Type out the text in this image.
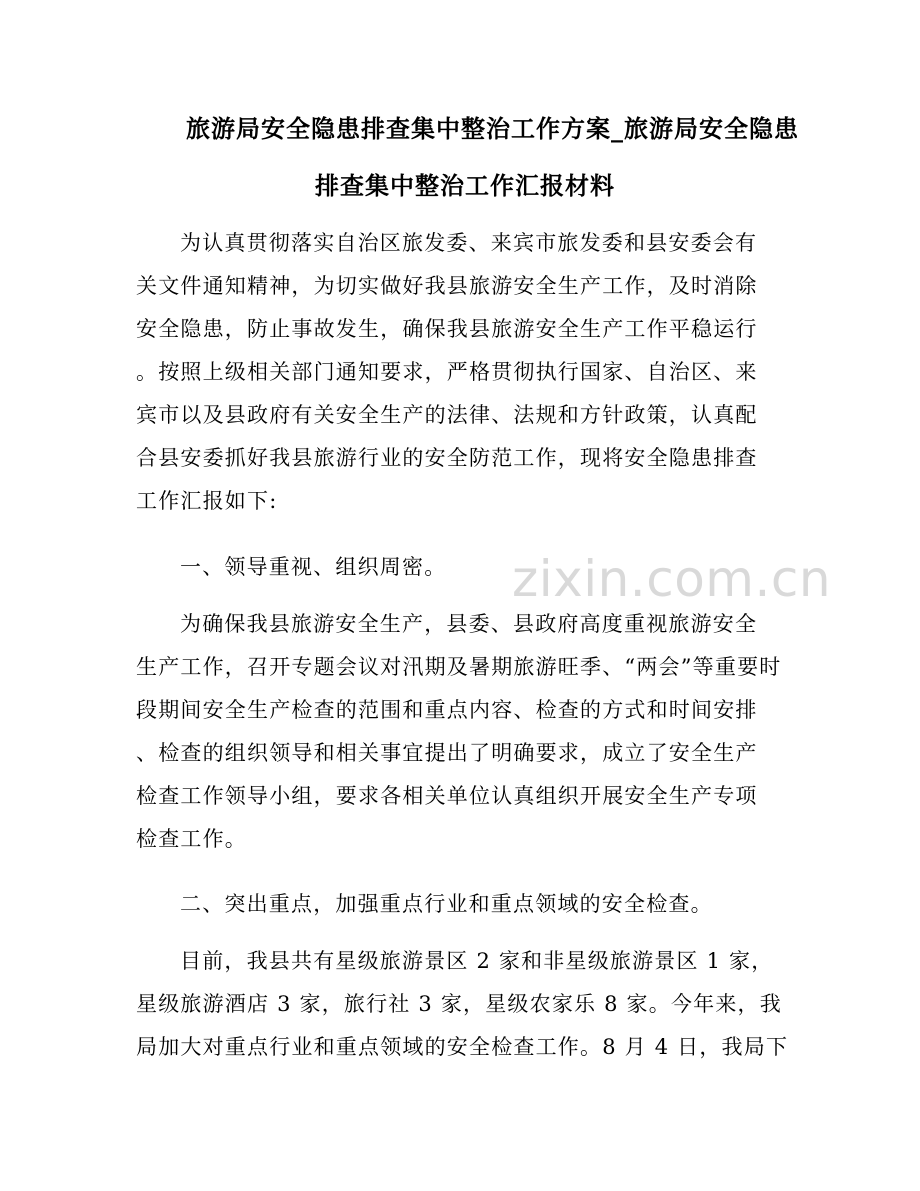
旅游局安全隐患排查集中整治工作方案_旅游局安全隐患
排查集中整治工作汇报材料
为认真贯彻落实自治区旅发委、来宾市旅发委和县安委会有
关文件通知精神，为切实做好我县旅游安全生产工作，及时消除
安全隐患，防止事故发生，确保我县旅游安全生产工作平稳运行
。按照上级相关部门通知要求，严格贯彻执行国家、自治区、来
宾市以及县政府有关安全生产的法律、法规和方针政策，认真配
合县安委抓好我县旅游行业的安全防范工作，现将安全隐患排查
工作汇报如下:
一、领导重视、组织周密。
为确保我县旅游安全生产，县委、县政府高度重视旅游安全
生产工作，召开专题会议对汛期及暑期旅游旺季、“两会”等重要时
段期间安全生产检查的范围和重点内容、检查的方式和时间安排
、检查的组织领导和相关事宜提出了明确要求，成立了安全生产
检查工作领导小组，要求各相关单位认真组织开展安全生产专项
检查工作。
二、突出重点，加强重点行业和重点领域的安全检查。
目前，我县共有星级旅游景区 2 家和非星级旅游景区 1 家，
星级旅游酒店 3 家，旅行社 3 家，星级农家乐 8 家。今年来，我
局加大对重点行业和重点领域的安全检查工作。8 月 4 日，我局下
zixin.com.cn
